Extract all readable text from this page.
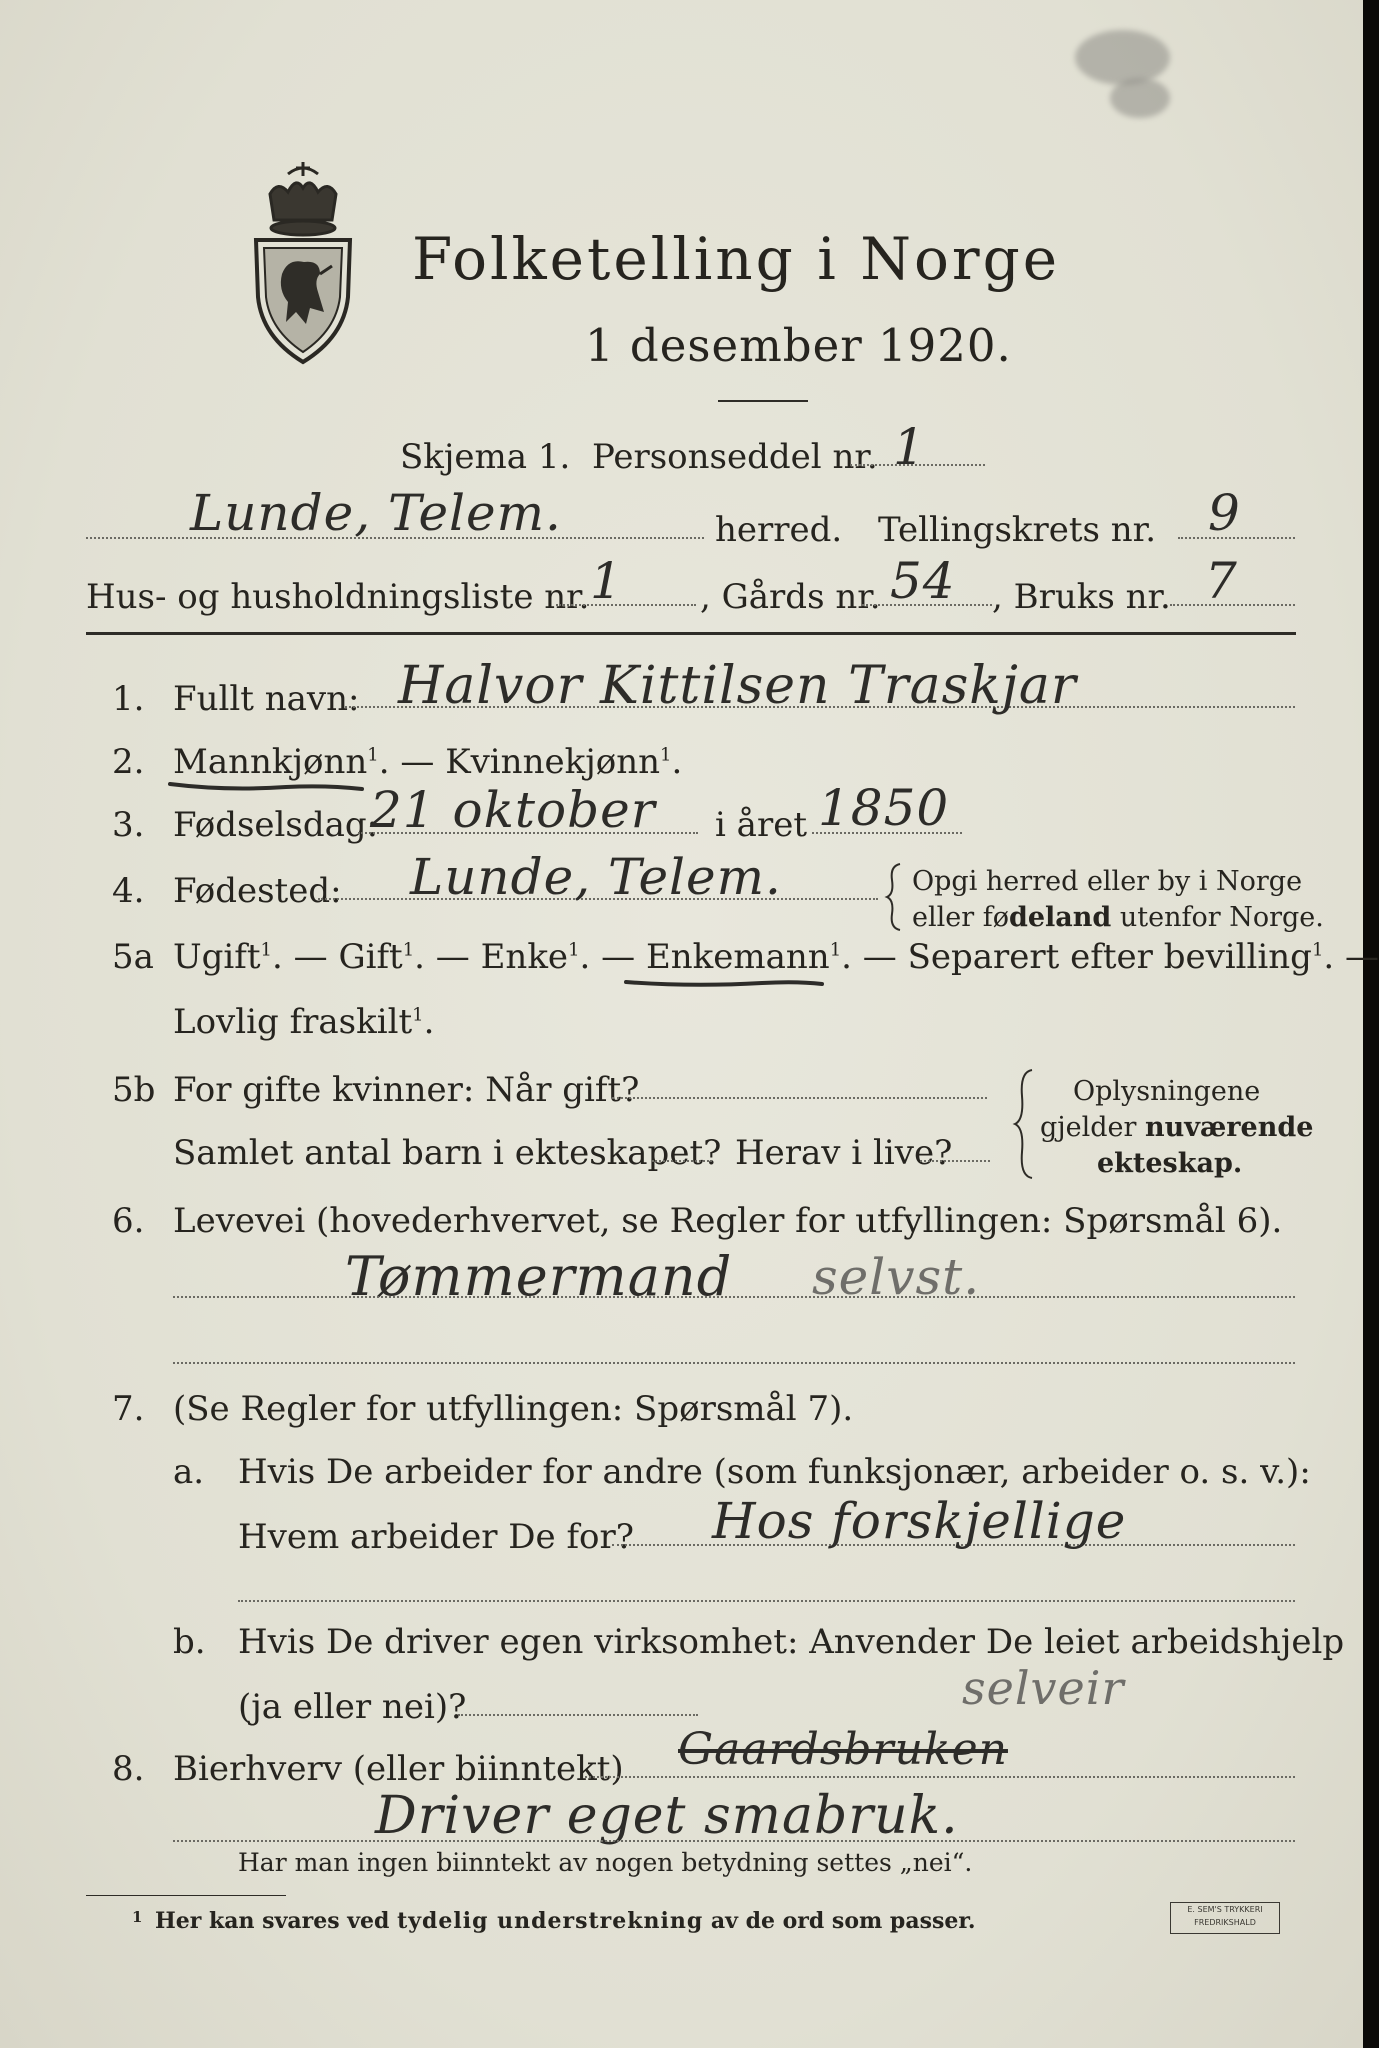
Folketelling i Norge
1 desember 1920.
Skjema 1. Personseddel nr. 1
Lunde, Telem.	herred. Tellingskrets nr. 9
Hus- og husholdningsliste nr. 1 , Gårds nr. 54 , Bruks nr. 7
1. Fullt navn: Halvor Kittilsen Traskjar
2. Mannkjønn$^1$. — Kvinnekjønn$^1$.
3. Fødselsdag:
21 oktober i året 1850
4. Fødested: Lunde, Telem.	Opgi herred eller by i Norge
eller fødeland utenfor Norge.
5a Ugift$^1$. — Gift$^1$. — Enke$^1$. — Enkemann$^1$. — Separert efter bevilling$^1$. —
Lovlig fraskilt$^1$.
5b For gifte kvinner: Når gift?
Samlet antal barn i ekteskapet? Herav i live?
Oplysningene
gjelder nuværende
ekteskap.
6. Levevei (hovederhvervet, se Regler for utfyllingen: Spørsmål 6).
Tømmermand selvst.
7. (Se Regler for utfyllingen: Spørsmål 7).
a. Hvis De arbeider for andre (som funksjonær, arbeider o. s. v.):
Hvem arbeider De for? Hos forskjellige
b. Hvis De driver egen virksomhet: Anvender De leiet arbeidshjelp
(ja eller nei)?	selveir
8. Bierhverv (eller biinntekt) Gaardsbruken
Driver eget smabruk.
Har man ingen biinntekt av nogen betydning settes „nei“.
1 Her kan svares ved tydelig understrekning av de ord som passer.	E. SEM'S TRYKKERI
FREDRIKSHALD
